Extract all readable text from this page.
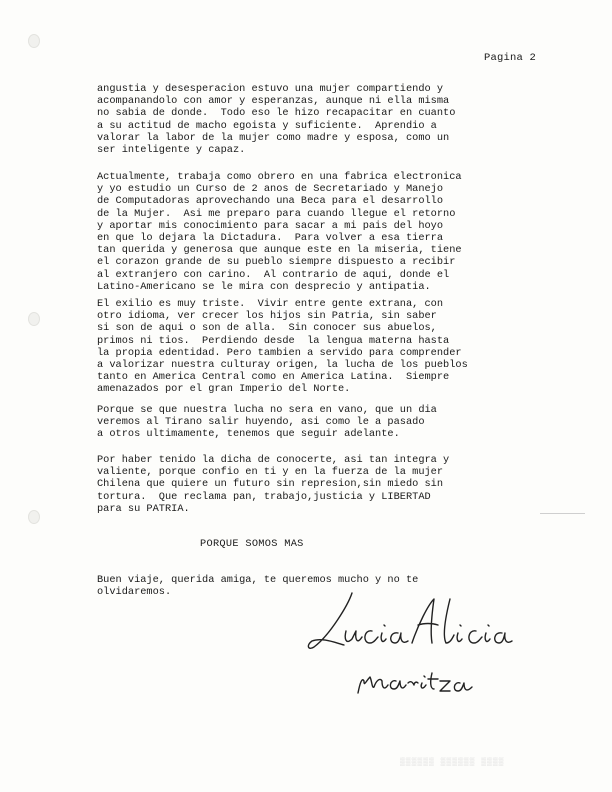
Pagina 2
angustia y desesperacion estuvo una mujer compartiendo y
acompanandolo con amor y esperanzas, aunque ni ella misma
no sabia de donde.  Todo eso le hizo recapacitar en cuanto
a su actitud de macho egoista y suficiente.  Aprendio a
valorar la labor de la mujer como madre y esposa, como un
ser inteligente y capaz.
Actualmente, trabaja como obrero en una fabrica electronica
y yo estudio un Curso de 2 anos de Secretariado y Manejo
de Computadoras aprovechando una Beca para el desarrollo
de la Mujer.  Asi me preparo para cuando llegue el retorno
y aportar mis conocimiento para sacar a mi pais del hoyo
en que lo dejara la Dictadura.  Para volver a esa tierra
tan querida y generosa que aunque este en la miseria, tiene
el corazon grande de su pueblo siempre dispuesto a recibir
al extranjero con carino.  Al contrario de aqui, donde el
Latino-Americano se le mira con desprecio y antipatia.
El exilio es muy triste.  Vivir entre gente extrana, con
otro idioma, ver crecer los hijos sin Patria, sin saber
si son de aqui o son de alla.  Sin conocer sus abuelos,
primos ni tios.  Perdiendo desde  la lengua materna hasta
la propia edentidad. Pero tambien a servido para comprender
a valorizar nuestra culturay origen, la lucha de los pueblos
tanto en America Central como en America Latina.  Siempre
amenazados por el gran Imperio del Norte.
Porque se que nuestra lucha no sera en vano, que un dia
veremos al Tirano salir huyendo, asi como le a pasado
a otros ultimamente, tenemos que seguir adelante.
Por haber tenido la dicha de conocerte, asi tan integra y
valiente, porque confio en ti y en la fuerza de la mujer
Chilena que quiere un futuro sin represion,sin miedo sin
tortura.  Que reclama pan, trabajo,justicia y LIBERTAD
para su PATRIA.
PORQUE SOMOS MAS
Buen viaje, querida amiga, te queremos mucho y no te
olvidaremos.
▒▒▒▒▒▒ ▒▒▒▒▒▒ ▒▒▒▒
